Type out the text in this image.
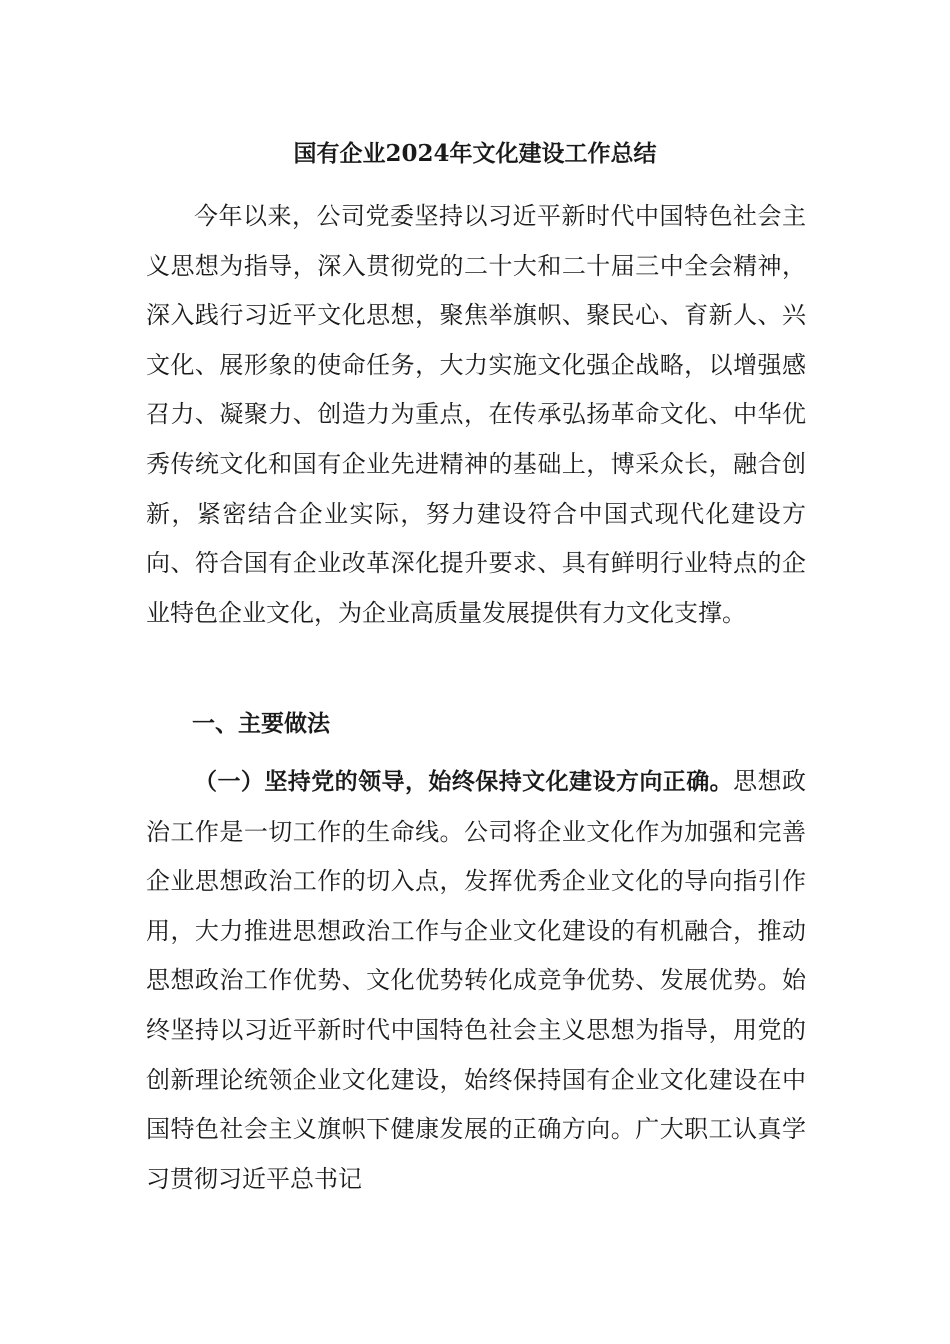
国有企业2024年文化建设工作总结

今年以来，公司党委坚持以习近平新时代中国特色社会主义思想为指导，深入贯彻党的二十大和二十届三中全会精神，深入践行习近平文化思想，聚焦举旗帜、聚民心、育新人、兴文化、展形象的使命任务，大力实施文化强企战略，以增强感召力、凝聚力、创造力为重点，在传承弘扬革命文化、中华优秀传统文化和国有企业先进精神的基础上，博采众长，融合创新，紧密结合企业实际，努力建设符合中国式现代化建设方向、符合国有企业改革深化提升要求、具有鲜明行业特点的企业特色企业文化，为企业高质量发展提供有力文化支撑。

一、主要做法

（一）坚持党的领导，始终保持文化建设方向正确。思想政治工作是一切工作的生命线。公司将企业文化作为加强和完善企业思想政治工作的切入点，发挥优秀企业文化的导向指引作用，大力推进思想政治工作与企业文化建设的有机融合，推动思想政治工作优势、文化优势转化成竞争优势、发展优势。始终坚持以习近平新时代中国特色社会主义思想为指导，用党的创新理论统领企业文化建设，始终保持国有企业文化建设在中国特色社会主义旗帜下健康发展的正确方向。广大职工认真学习贯彻习近平总书记
